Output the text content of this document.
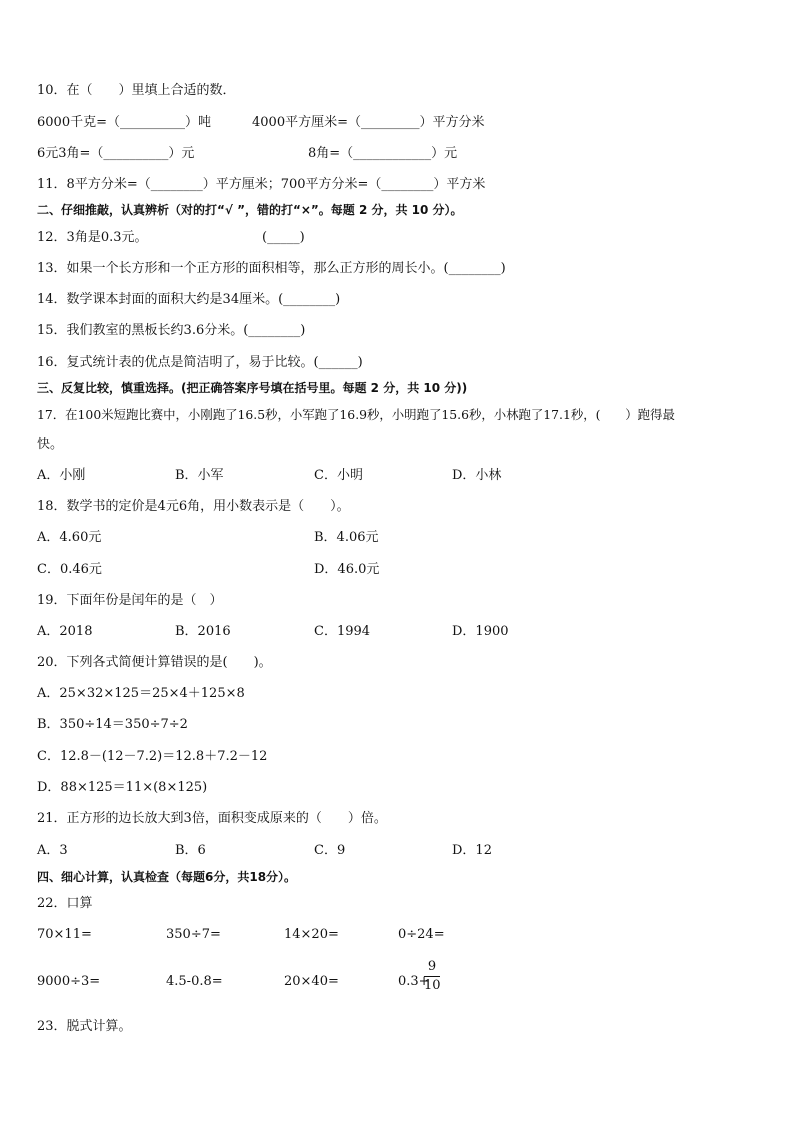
10．在（　　）里填上合适的数．
6000千克=（__________）吨	4000平方厘米=（_________）平方分米
6元3角=（__________）元	8角=（____________）元
11．8平方分米=（________）平方厘米；700平方分米=（________）平方米
二、仔细推敲，认真辨析（对的打“√ ”，错的打“×”。每题 2 分，共 10 分）。
12．3角是0.3元。	(_____)
13．如果一个长方形和一个正方形的面积相等，那么正方形的周长小。(________)
14．数学课本封面的面积大约是34厘米。(________)
15．我们教室的黑板长约3.6分米。(________)
16．复式统计表的优点是简洁明了，易于比较。(______)
三、反复比较，慎重选择。(把正确答案序号填在括号里。每题 2 分，共 10 分))
17．在100米短跑比赛中，小刚跑了16.5秒，小军跑了16.9秒，小明跑了15.6秒，小林跑了17.1秒，(　　）跑得最
快。
A．小刚	B．小军	C．小明	D．小林
18．数学书的定价是4元6角，用小数表示是（　　）。
A．4.60元	B．4.06元
C．0.46元	D．46.0元
19．下面年份是闰年的是（　）
A．2018	B．2016	C．1994	D．1900
20．下列各式简便计算错误的是(　　)。
A．25×32×125＝25×4＋125×8
B．350÷14＝350÷7÷2
C．12.8－(12－7.2)＝12.8＋7.2－12
D．88×125＝11×(8×125)
21．正方形的边长放大到3倍，面积变成原来的（　　）倍。
A．3	B．6	C．9	D．12
四、细心计算，认真检查（每题6分，共18分）。
22．口算
70×11=	350÷7=	14×20=	0÷24=
9000÷3=	4.5-0.8=	20×40=	0.3+
9
10
23．脱式计算。
